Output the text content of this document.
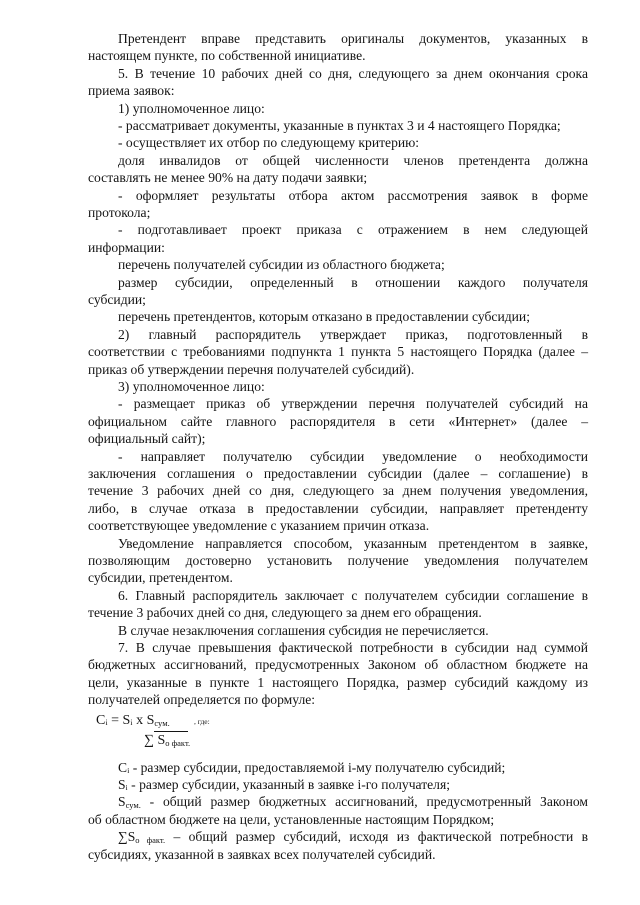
Претендент вправе представить оригиналы документов, указанных в
настоящем пункте, по собственной инициативе.
5. В течение 10 рабочих дней со дня, следующего за днем окончания срока
приема заявок:
1) уполномоченное лицо:
- рассматривает документы, указанные в пунктах 3 и 4 настоящего Порядка;
- осуществляет их отбор по следующему критерию:
доля инвалидов от общей численности членов претендента должна
составлять не менее 90% на дату подачи заявки;
- оформляет результаты отбора актом рассмотрения заявок в форме
протокола;
- подготавливает проект приказа с отражением в нем следующей
информации:
перечень получателей субсидии из областного бюджета;
размер субсидии, определенный в отношении каждого получателя
субсидии;
перечень претендентов, которым отказано в предоставлении субсидии;
2) главный распорядитель утверждает приказ, подготовленный в
соответствии с требованиями подпункта 1 пункта 5 настоящего Порядка (далее –
приказ об утверждении перечня получателей субсидий).
3) уполномоченное лицо:
- размещает приказ об утверждении перечня получателей субсидий на
официальном сайте главного распорядителя в сети «Интернет» (далее –
официальный сайт);
- направляет получателю субсидии уведомление о необходимости
заключения соглашения о предоставлении субсидии (далее – соглашение) в
течение 3 рабочих дней со дня, следующего за днем получения уведомления,
либо, в случае отказа в предоставлении субсидии, направляет претенденту
соответствующее уведомление с указанием причин отказа.
Уведомление направляется способом, указанным претендентом в заявке,
позволяющим достоверно установить получение уведомления получателем
субсидии, претендентом.
6. Главный распорядитель заключает с получателем субсидии соглашение в
течение 3 рабочих дней со дня, следующего за днем его обращения.
В случае незаключения соглашения субсидия не перечисляется.
7. В случае превышения фактической потребности в субсидии над суммой
бюджетных ассигнований, предусмотренных Законом об областном бюджете на
цели, указанные в пункте 1 настоящего Порядка, размер субсидий каждому из
получателей определяется по формуле:
Cᵢ = Sᵢ x $S_{сум.}$	, где:
∑ $S_{о факт.}$
Cᵢ - размер субсидии, предоставляемой i-му получателю субсидий;
Sᵢ - размер субсидии, указанный в заявке i-го получателя;
$S_{сум.}$ - общий размер бюджетных ассигнований, предусмотренный Законом
об областном бюджете на цели, установленные настоящим Порядком;
$\sum S_{о факт.}$ – общий размер субсидий, исходя из фактической потребности в
субсидиях, указанной в заявках всех получателей субсидий.
